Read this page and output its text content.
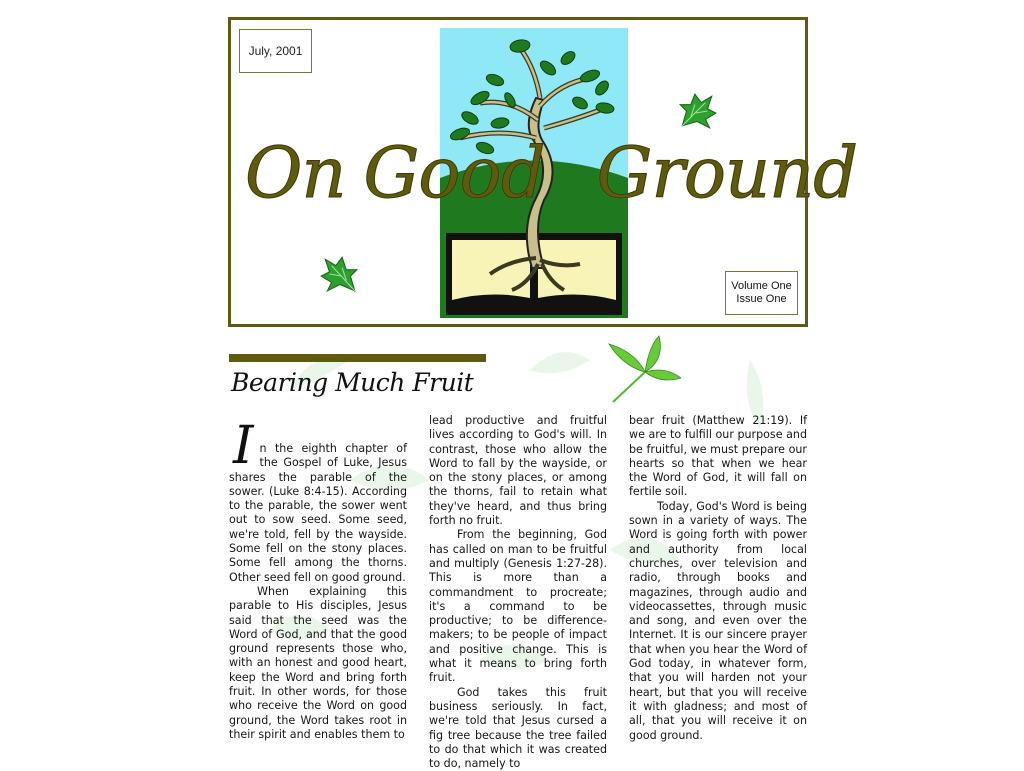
July, 2001
On Good Ground
Volume One
Issue One
Bearing Much Fruit
I n the eighth chapter of the Gospel of Luke, Jesus shares the parable of the sower. (Luke 8:4-15). According to the parable, the sower went out to sow seed. Some seed, we're told, fell by the wayside. Some fell on the stony places. Some fell among the thorns. Other seed fell on good ground.

When explaining this parable to His disciples, Jesus said that the seed was the Word of God, and that the good ground represents those who, with an honest and good heart, keep the Word and bring forth fruit. In other words, for those who receive the Word on good ground, the Word takes root in their spirit and enables them to

lead productive and fruitful lives according to God's will. In contrast, those who allow the Word to fall by the wayside, or on the stony places, or among the thorns, fail to retain what they've heard, and thus bring forth no fruit.

From the beginning, God has called on man to be fruitful and multiply (Genesis 1:27-28). This is more than a commandment to procreate; it's a command to be productive; to be difference-makers; to be people of impact and positive change. This is what it means to bring forth fruit.

God takes this fruit business seriously. In fact, we're told that Jesus cursed a fig tree because the tree failed to do that which it was created to do, namely to

bear fruit (Matthew 21:19). If we are to fulfill our purpose and be fruitful, we must prepare our hearts so that when we hear the Word of God, it will fall on fertile soil.

Today, God's Word is being sown in a variety of ways. The Word is going forth with power and authority from local churches, over television and radio, through books and magazines, through audio and videocassettes, through music and song, and even over the Internet. It is our sincere prayer that when you hear the Word of God today, in whatever form, that you will harden not your heart, but that you will receive it with gladness; and most of all, that you will receive it on good ground.
